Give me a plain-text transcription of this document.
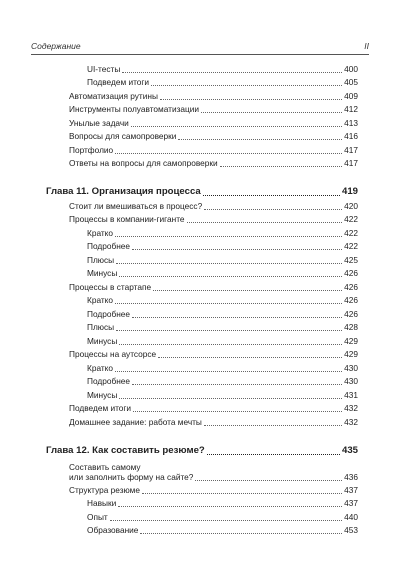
Содержание	II
UI-тесты	400
Подведем итоги	405
Автоматизация рутины	409
Инструменты полуавтоматизации	412
Унылые задачи	413
Вопросы для самопроверки	416
Портфолио	417
Ответы на вопросы для самопроверки	417
Глава 11. Организация процесса	419
Стоит ли вмешиваться в процесс?	420
Процессы в компании-гиганте	422
Кратко	422
Подробнее	422
Плюсы	425
Минусы	426
Процессы в стартапе	426
Кратко	426
Подробнее	426
Плюсы	428
Минусы	429
Процессы на аутсорсе	429
Кратко	430
Подробнее	430
Минусы	431
Подведем итоги	432
Домашнее задание: работа мечты	432
Глава 12. Как составить резюме?	435
Составить самому
или заполнить форму на сайте?	436
Структура резюме	437
Навыки	437
Опыт	440
Образование	453
